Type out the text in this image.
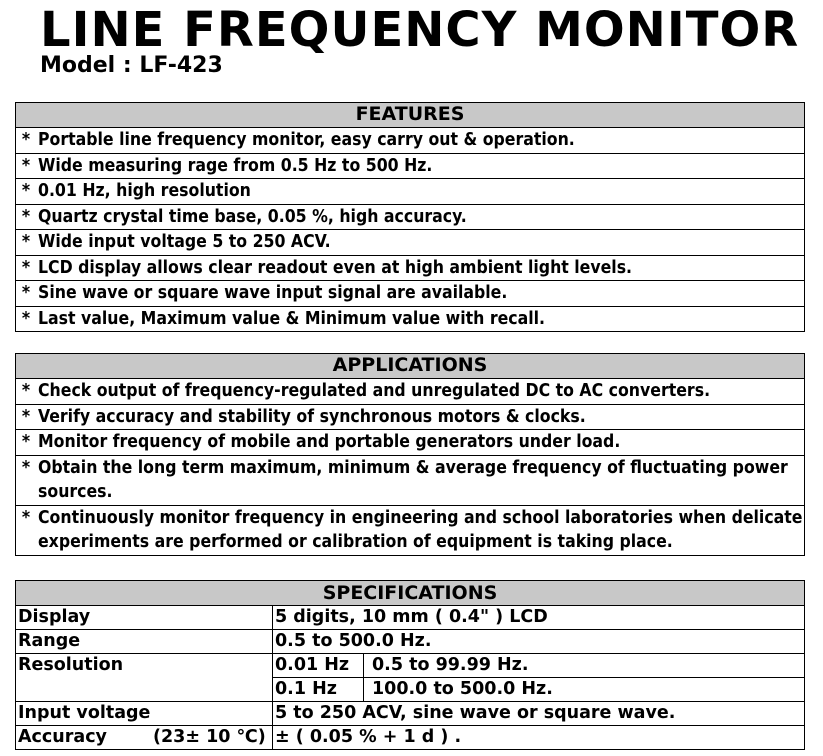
LINE FREQUENCY MONITOR
Model : LF-423
FEATURES
* Portable line frequency monitor, easy carry out & operation.
* Wide measuring rage from 0.5 Hz to 500 Hz.
* 0.01 Hz, high resolution
* Quartz crystal time base, 0.05 %, high accuracy.
* Wide input voltage 5 to 250 ACV.
* LCD display allows clear readout even at high ambient light levels.
* Sine wave or square wave input signal are available.
* Last value, Maximum value & Minimum value with recall.
APPLICATIONS
* Check output of frequency-regulated and unregulated DC to AC converters.
* Verify accuracy and stability of synchronous motors & clocks.
* Monitor frequency of mobile and portable generators under load.
* Obtain the long term maximum, minimum & average frequency of fluctuating power sources.
* Continuously monitor frequency in engineering and school laboratories when delicate experiments are performed or calibration of equipment is taking place.
SPECIFICATIONS		
Display	5 digits, 10 mm ( 0.4" ) LCD	
Range	0.5 to 500.0 Hz.	
Resolution	0.01 Hz	0.5 to 99.99 Hz.
	0.1 Hz	100.0 to 500.0 Hz.
Input voltage	5 to 250 ACV, sine wave or square wave.	
Accuracy (23± 10 ℃)	± ( 0.05 % + 1 d ) .	
